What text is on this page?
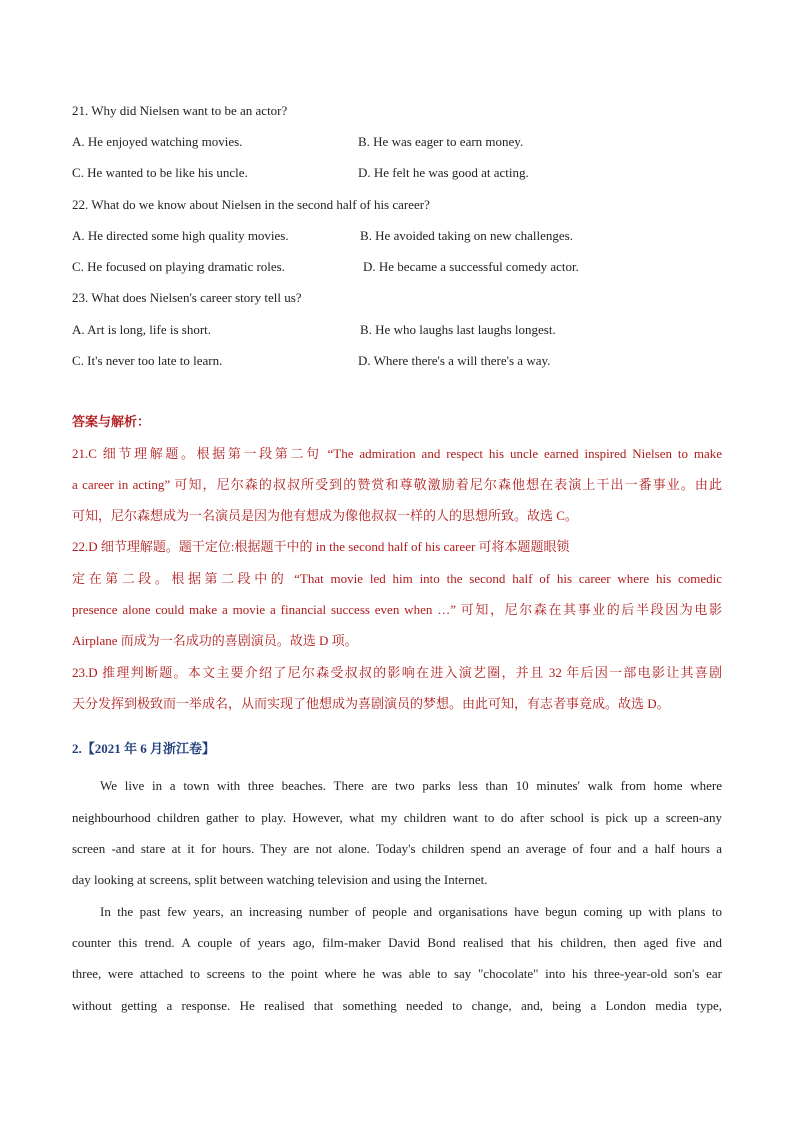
21. Why did Nielsen want to be an actor?
A. He enjoyed watching movies.	B. He was eager to earn money.
C. He wanted to be like his uncle.	D. He felt he was good at acting.
22. What do we know about Nielsen in the second half of his career?
A. He directed some high quality movies.	B. He avoided taking on new challenges.
C. He focused on playing dramatic roles.	D. He became a successful comedy actor.
23. What does Nielsen's career story tell us?
A. Art is long, life is short.	B. He who laughs last laughs longest.
C. It's never too late to learn.	D. Where there's a will there's a way.
答案与解析：
21.C 细节理解题。根据第一段第二句 “The admiration and respect his uncle earned inspired Nielsen to make
a career in acting” 可知，尼尔森的叔叔所受到的赞赏和尊敬激励着尼尔森他想在表演上干出一番事业。由此
可知，尼尔森想成为一名演员是因为他有想成为像他叔叔一样的人的思想所致。故选 C。
22.D 细节理解题。题干定位:根据题干中的 in the second half of his career 可将本题题眼锁
定在第二段。根据第二段中的 “That movie led him into the second half of his career where his comedic
presence alone could make a movie a financial success even when …” 可知，尼尔森在其事业的后半段因为电影
Airplane 而成为一名成功的喜剧演员。故选 D 项。
23.D 推理判断题。本文主要介绍了尼尔森受叔叔的影响在进入演艺圈，并且 32 年后因一部电影让其喜剧
天分发挥到极致而一举成名，从而实现了他想成为喜剧演员的梦想。由此可知，有志者事竟成。故选 D。
2.【2021 年 6 月浙江卷】
We live in a town with three beaches. There are two parks less than 10 minutes' walk from home where
neighbourhood children gather to play. However, what my children want to do after school is pick up a screen-any
screen -and stare at it for hours. They are not alone. Today's children spend an average of four and a half hours a
day looking at screens, split between watching television and using the Internet.
In the past few years, an increasing number of people and organisations have begun coming up with plans to
counter this trend. A couple of years ago, film-maker David Bond realised that his children, then aged five and
three, were attached to screens to the point where he was able to say "chocolate" into his three-year-old son's ear
without getting a response. He realised that something needed to change, and, being a London media type,
